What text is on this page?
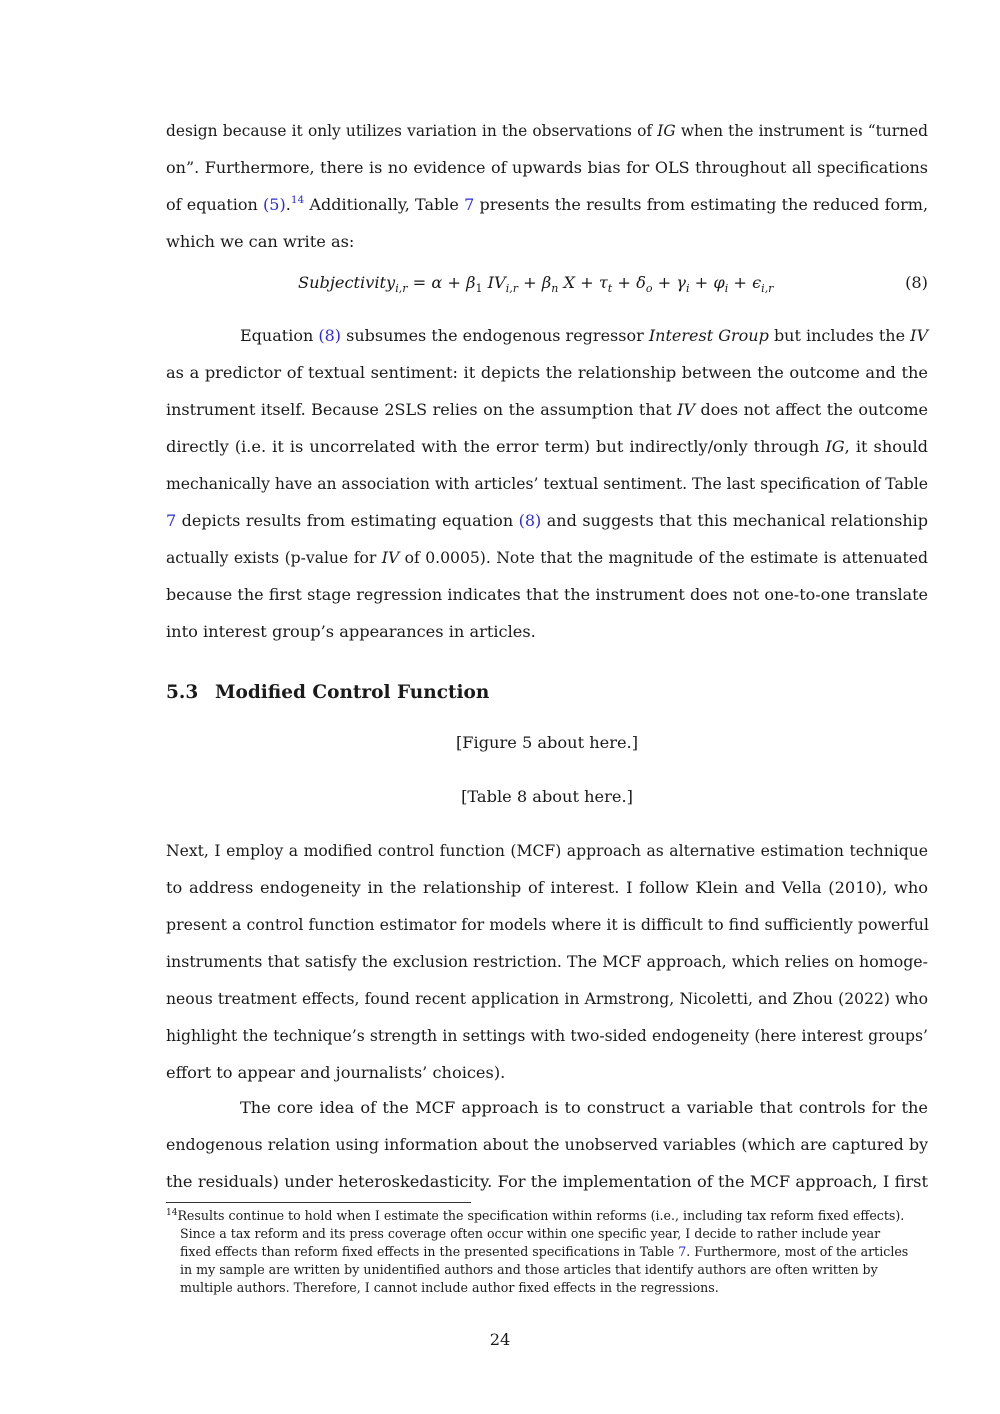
design because it only utilizes variation in the observations of IG when the instrument is “turned
on”. Furthermore, there is no evidence of upwards bias for OLS throughout all specifications
of equation (5).$^{14}$ Additionally, Table 7 presents the results from estimating the reduced form,
which we can write as:
Subjectivity$_{i,r}$ = $\alpha + \beta_1$ $IV_{i,r} + \beta_n$ $X + \tau_t + \delta_o + \gamma_i + \varphi_i + \epsilon_{i,r}$	(8)
Equation (8) subsumes the endogenous regressor Interest Group but includes the IV
as a predictor of textual sentiment: it depicts the relationship between the outcome and the
instrument itself. Because 2SLS relies on the assumption that IV does not affect the outcome
directly (i.e. it is uncorrelated with the error term) but indirectly/only through IG, it should
mechanically have an association with articles’ textual sentiment. The last specification of Table
7 depicts results from estimating equation (8) and suggests that this mechanical relationship
actually exists (p-value for IV of 0.0005). Note that the magnitude of the estimate is attenuated
because the first stage regression indicates that the instrument does not one-to-one translate
into interest group’s appearances in articles.
5.3 Modified Control Function
[Figure 5 about here.]
[Table 8 about here.]
Next, I employ a modified control function (MCF) approach as alternative estimation technique
to address endogeneity in the relationship of interest. I follow Klein and Vella (2010), who
present a control function estimator for models where it is difficult to find sufficiently powerful
instruments that satisfy the exclusion restriction. The MCF approach, which relies on homoge-
neous treatment effects, found recent application in Armstrong, Nicoletti, and Zhou (2022) who
highlight the technique’s strength in settings with two-sided endogeneity (here interest groups’
effort to appear and journalists’ choices).
The core idea of the MCF approach is to construct a variable that controls for the
endogenous relation using information about the unobserved variables (which are captured by
the residuals) under heteroskedasticity. For the implementation of the MCF approach, I first
$^{14}$Results continue to hold when I estimate the specification within reforms (i.e., including tax reform fixed effects).
Since a tax reform and its press coverage often occur within one specific year, I decide to rather include year
fixed effects than reform fixed effects in the presented specifications in Table 7. Furthermore, most of the articles
in my sample are written by unidentified authors and those articles that identify authors are often written by
multiple authors. Therefore, I cannot include author fixed effects in the regressions.
24
